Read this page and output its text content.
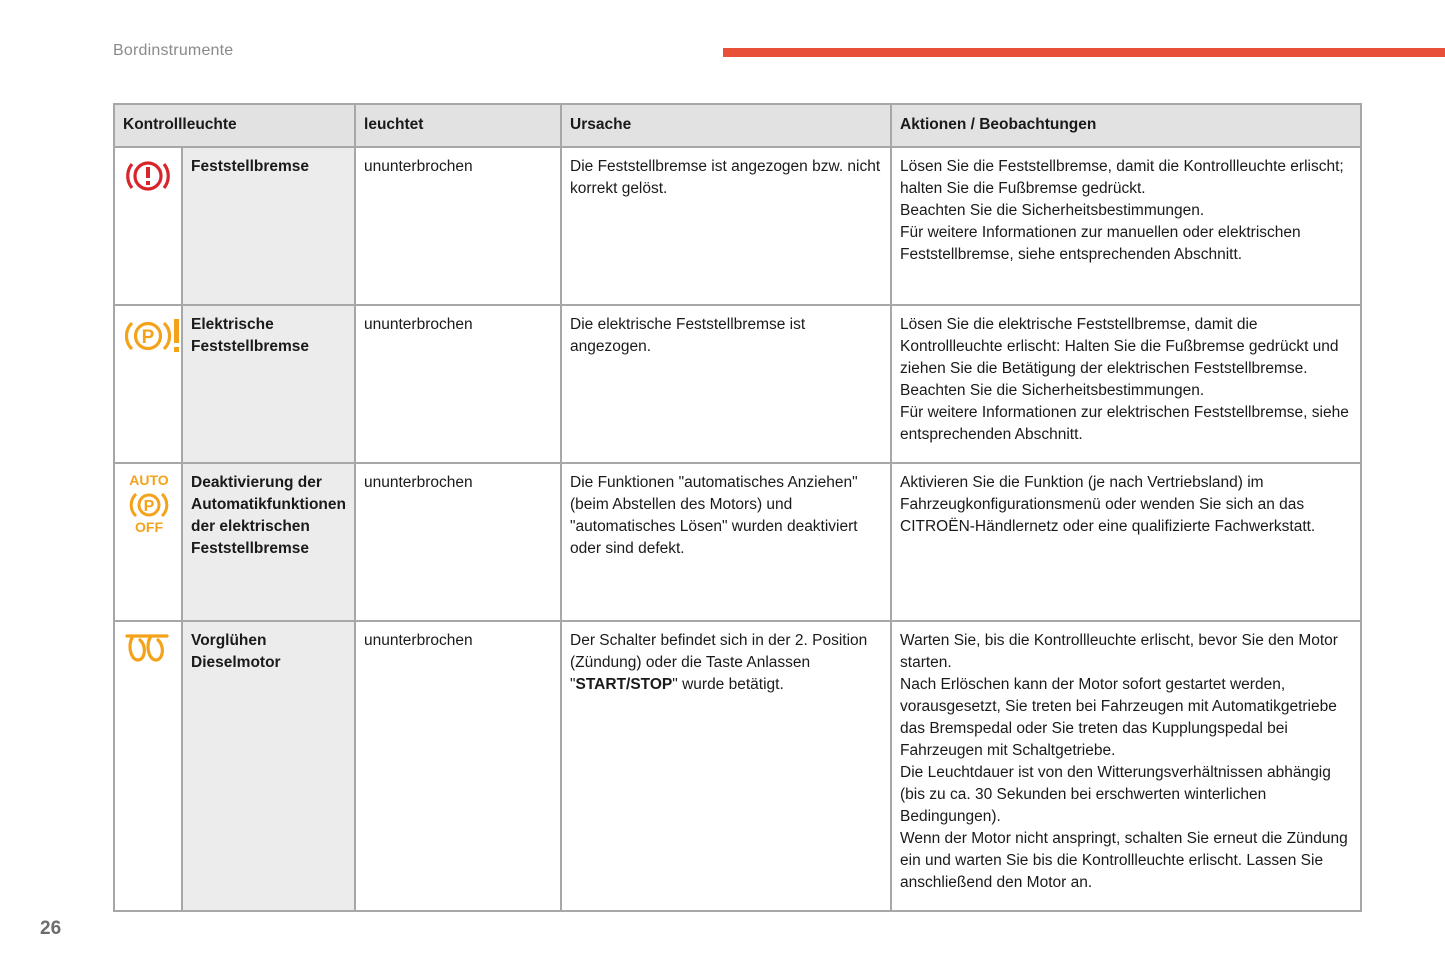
Bordinstrumente
Kontrollleuchte		leuchtet	Ursache	Aktionen / Beobachtungen

	Feststellbremse	ununterbrochen	Die Feststellbremse ist angezogen bzw. nicht korrekt gelöst.	Lösen Sie die Feststellbremse, damit die Kontrollleuchte erlischt; halten Sie die Fußbremse gedrückt.
Beachten Sie die Sicherheitsbestimmungen.
Für weitere Informationen zur manuellen oder elektrischen Feststellbremse, siehe entsprechenden Abschnitt.

P	Elektrische Feststellbremse	ununterbrochen	Die elektrische Feststellbremse ist angezogen.	Lösen Sie die elektrische Feststellbremse, damit die Kontrollleuchte erlischt: Halten Sie die Fußbremse gedrückt und ziehen Sie die Betätigung der elektrischen Feststellbremse.
Beachten Sie die Sicherheitsbestimmungen.
Für weitere Informationen zur elektrischen Feststellbremse, siehe entsprechenden Abschnitt.

AUTO
P
OFF	Deaktivierung der Automatikfunktionen der elektrischen Feststellbremse	ununterbrochen	Die Funktionen "automatisches Anziehen" (beim Abstellen des Motors) und "automatisches Lösen" wurden deaktiviert oder sind defekt.	Aktivieren Sie die Funktion (je nach Vertriebsland) im Fahrzeugkonfigurationsmenü oder wenden Sie sich an das CITROËN-Händlernetz oder eine qualifizierte Fachwerkstatt.

	Vorglühen Dieselmotor	ununterbrochen	Der Schalter befindet sich in der 2. Position (Zündung) oder die Taste Anlassen "START/STOP" wurde betätigt.	Warten Sie, bis die Kontrollleuchte erlischt, bevor Sie den Motor starten.
Nach Erlöschen kann der Motor sofort gestartet werden, vorausgesetzt, Sie treten bei Fahrzeugen mit Automatikgetriebe das Bremspedal oder Sie treten das Kupplungspedal bei Fahrzeugen mit Schaltgetriebe.
Die Leuchtdauer ist von den Witterungsverhältnissen abhängig (bis zu ca. 30 Sekunden bei erschwerten winterlichen Bedingungen).
Wenn der Motor nicht anspringt, schalten Sie erneut die Zündung ein und warten Sie bis die Kontrollleuchte erlischt. Lassen Sie anschließend den Motor an.
26
